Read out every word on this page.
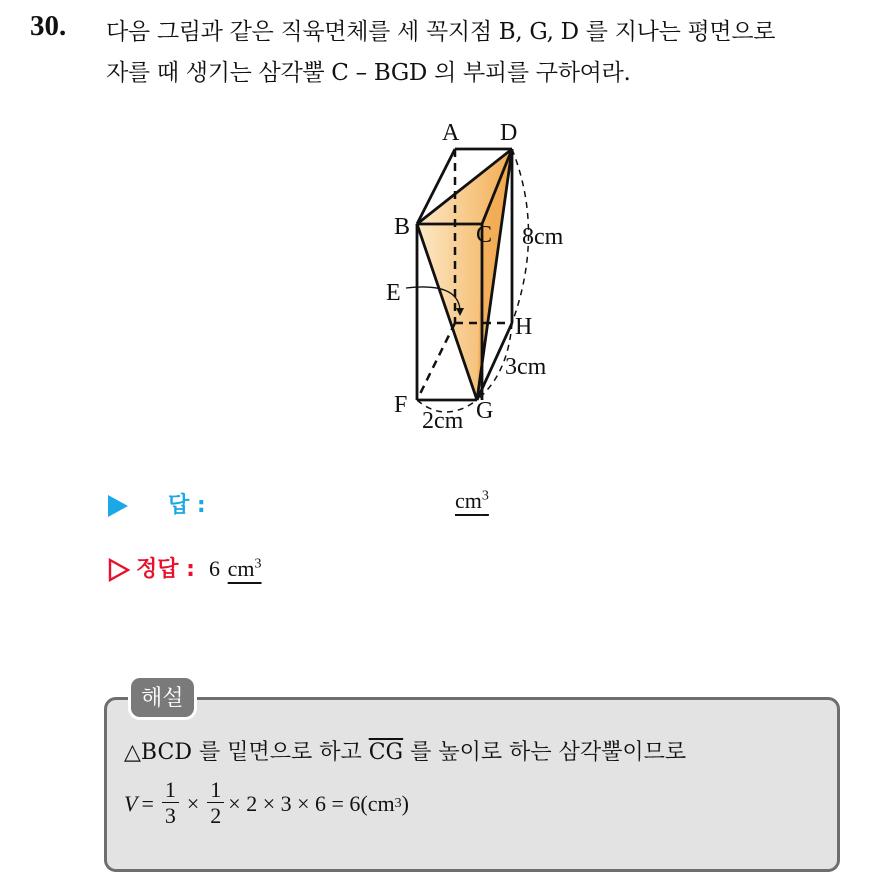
30. 다음 그림과 같은 직육면체를 세 꼭지점 B, G, D 를 지나는 평면으로
자를 때 생기는 삼각뿔 C – BGD 의 부피를 구하여라.
A D
B	C 8cm
E
H
3cm
F
2cm G
답 :	$cm^3$
정답 : 6 $cm^3$
해설
△BCD 를 밑면으로 하고 $\overline{CG}$ 를 높이로 하는 삼각뿔이므로
$V = \frac{1}{3} \times \frac{1}{2} \times 2 \times 3 \times 6 = 6(cm$ 3 )
